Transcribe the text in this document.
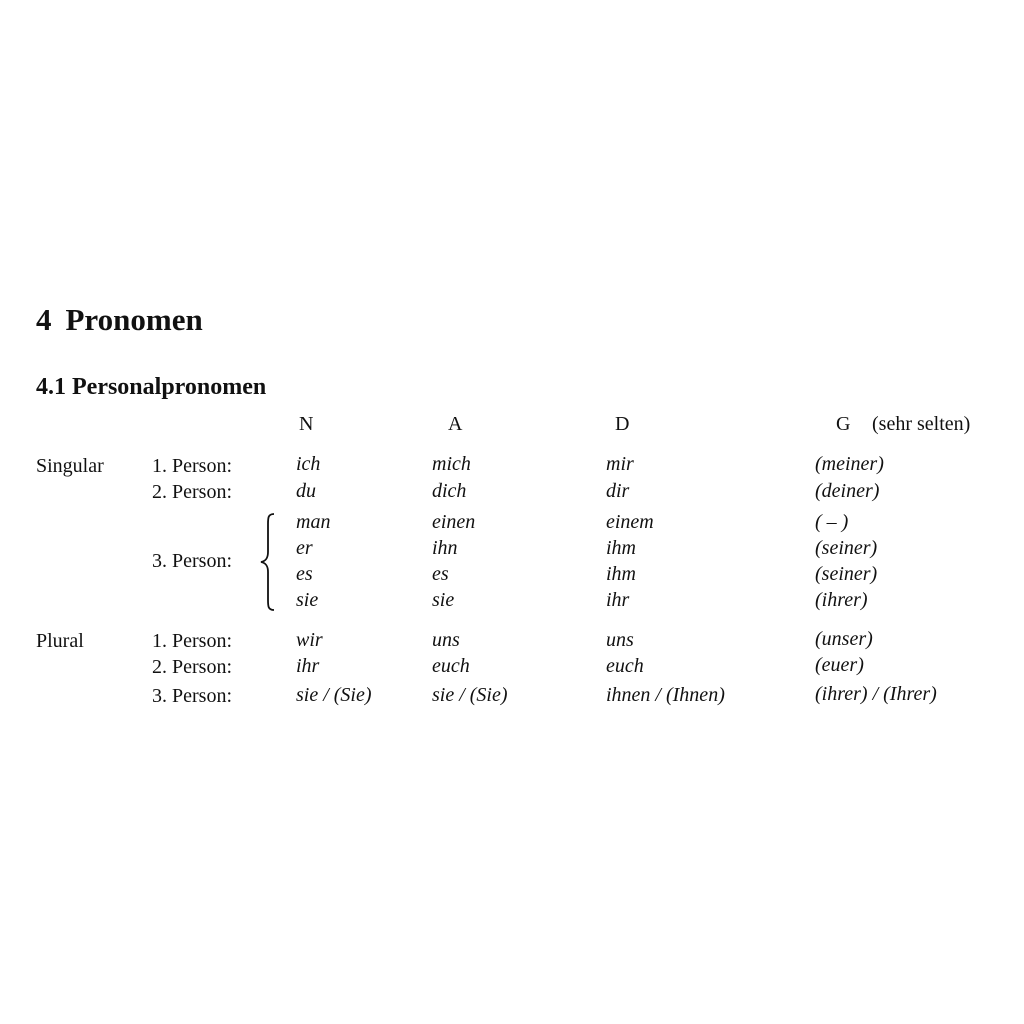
4 Pronomen
4.1 Personalpronomen
N	A	D	G (sehr selten)
Singular 1. Person:	ich	mich	mir	(meiner)
2. Person:	du	dich	dir	(deiner)
3. Person:
man	einen	einem	( – )
er	ihn	ihm	(seiner)
es	es	ihm	(seiner)
sie	sie	ihr	(ihrer)
Plural	1. Person:	wir	uns	uns	(unser)
2. Person:	ihr	euch	euch	(euer)
3. Person:	sie / (Sie)	sie / (Sie)	ihnen / (Ihnen)	(ihrer) / (Ihrer)
